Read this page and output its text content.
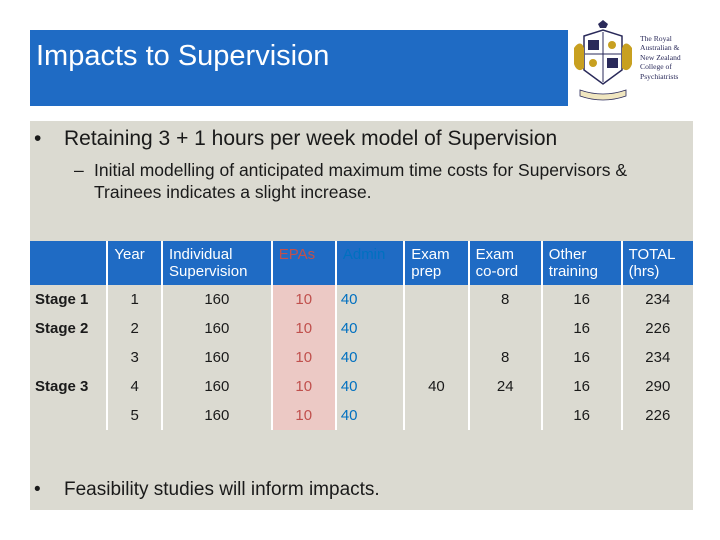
Impacts to Supervision
The Royal
Australian &
New Zealand
College of
Psychiatrists
• Retaining 3 + 1 hours per week model of Supervision
– Initial modelling of anticipated maximum time costs for Supervisors & Trainees indicates a slight increase.
	Year	Individual Supervision	EPAs	Admin	Exam prep	Exam co-ord	Other training	TOTAL (hrs)
Stage 1	1	160	10	40		8	16	234
Stage 2	2	160	10	40			16	226
	3	160	10	40		8	16	234
Stage 3	4	160	10	40	40	24	16	290
	5	160	10	40			16	226
• Feasibility studies will inform impacts.
